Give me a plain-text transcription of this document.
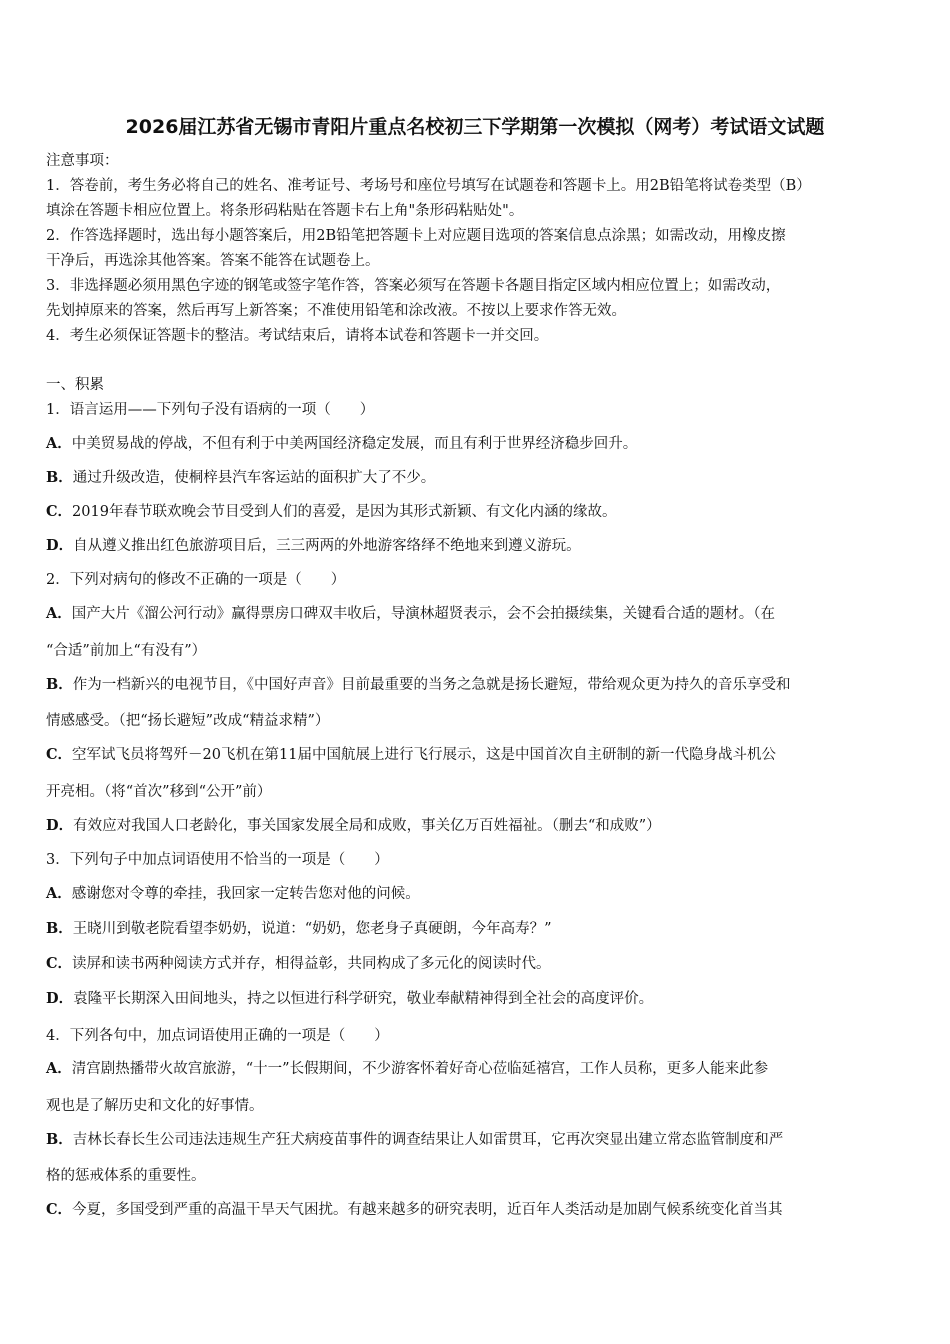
2026届江苏省无锡市青阳片重点名校初三下学期第一次模拟（网考）考试语文试题
注意事项：
1．答卷前，考生务必将自己的姓名、准考证号、考场号和座位号填写在试题卷和答题卡上。用2B铅笔将试卷类型（B）
填涂在答题卡相应位置上。将条形码粘贴在答题卡右上角"条形码粘贴处"。
2．作答选择题时，选出每小题答案后，用2B铅笔把答题卡上对应题目选项的答案信息点涂黑；如需改动，用橡皮擦
干净后，再选涂其他答案。答案不能答在试题卷上。
3．非选择题必须用黑色字迹的钢笔或签字笔作答，答案必须写在答题卡各题目指定区域内相应位置上；如需改动，
先划掉原来的答案，然后再写上新答案；不准使用铅笔和涂改液。不按以上要求作答无效。
4．考生必须保证答题卡的整洁。考试结束后，请将本试卷和答题卡一并交回。
一、积累
1．语言运用——下列句子没有语病的一项（　　）
A．中美贸易战的停战，不但有利于中美两国经济稳定发展，而且有利于世界经济稳步回升。
B．通过升级改造，使桐梓县汽车客运站的面积扩大了不少。
C．2019年春节联欢晚会节目受到人们的喜爱，是因为其形式新颖、有文化内涵的缘故。
D．自从遵义推出红色旅游项目后，三三两两的外地游客络绎不绝地来到遵义游玩。
2．下列对病句的修改不正确的一项是（　　）
A．国产大片《溜公河行动》赢得票房口碑双丰收后，导演林超贤表示，会不会拍摄续集，关键看合适的题材。（在
“合适”前加上“有没有”）
B．作为一档新兴的电视节目，《中国好声音》目前最重要的当务之急就是扬长避短，带给观众更为持久的音乐享受和
情感感受。（把“扬长避短”改成“精益求精”）
C．空军试飞员将驾歼－20飞机在第11届中国航展上进行飞行展示，这是中国首次自主研制的新一代隐身战斗机公
开亮相。（将“首次”移到“公开”前）
D．有效应对我国人口老龄化，事关国家发展全局和成败，事关亿万百姓福祉。（删去“和成败”）
3．下列句子中加点词语使用不恰当的一项是（　　）
A．感谢您对令尊的牵挂，我回家一定转告您对他的问候。
B．王晓川到敬老院看望李奶奶，说道：“奶奶，您老身子真硬朗，今年高寿？”
C．读屏和读书两种阅读方式并存，相得益彰，共同构成了多元化的阅读时代。
D．袁隆平长期深入田间地头，持之以恒进行科学研究，敬业奉献精神得到全社会的高度评价。
4．下列各句中，加点词语使用正确的一项是（　　）
A．清宫剧热播带火故宫旅游，“十一”长假期间，不少游客怀着好奇心莅临延禧宫，工作人员称，更多人能来此参
观也是了解历史和文化的好事情。
B．吉林长春长生公司违法违规生产狂犬病疫苗事件的调查结果让人如雷贯耳，它再次突显出建立常态监管制度和严
格的惩戒体系的重要性。
C．今夏，多国受到严重的高温干旱天气困扰。有越来越多的研究表明，近百年人类活动是加剧气候系统变化首当其
